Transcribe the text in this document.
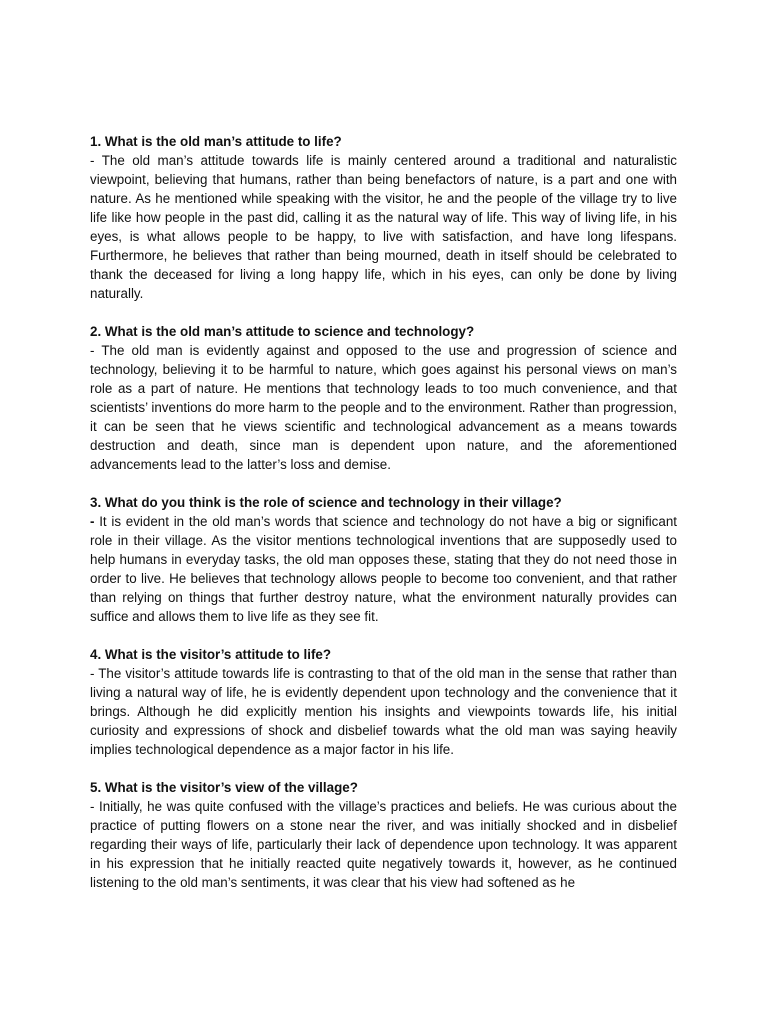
1. What is the old man’s attitude to life?

- The old man’s attitude towards life is mainly centered around a traditional and naturalistic viewpoint, believing that humans, rather than being benefactors of nature, is a part and one with nature. As he mentioned while speaking with the visitor, he and the people of the village try to live life like how people in the past did, calling it as the natural way of life. This way of living life, in his eyes, is what allows people to be happy, to live with satisfaction, and have long lifespans. Furthermore, he believes that rather than being mourned, death in itself should be celebrated to thank the deceased for living a long happy life, which in his eyes, can only be done by living naturally.

2. What is the old man’s attitude to science and technology?

- The old man is evidently against and opposed to the use and progression of science and technology, believing it to be harmful to nature, which goes against his personal views on man’s role as a part of nature. He mentions that technology leads to too much convenience, and that scientists’ inventions do more harm to the people and to the environment. Rather than progression, it can be seen that he views scientific and technological advancement as a means towards destruction and death, since man is dependent upon nature, and the aforementioned advancements lead to the latter’s loss and demise.

3. What do you think is the role of science and technology in their village?

- It is evident in the old man’s words that science and technology do not have a big or significant role in their village. As the visitor mentions technological inventions that are supposedly used to help humans in everyday tasks, the old man opposes these, stating that they do not need those in order to live. He believes that technology allows people to become too convenient, and that rather than relying on things that further destroy nature, what the environment naturally provides can suffice and allows them to live life as they see fit.

4. What is the visitor’s attitude to life?

- The visitor’s attitude towards life is contrasting to that of the old man in the sense that rather than living a natural way of life, he is evidently dependent upon technology and the convenience that it brings. Although he did explicitly mention his insights and viewpoints towards life, his initial curiosity and expressions of shock and disbelief towards what the old man was saying heavily implies technological dependence as a major factor in his life.

5. What is the visitor’s view of the village?

- Initially, he was quite confused with the village’s practices and beliefs. He was curious about the practice of putting flowers on a stone near the river, and was initially shocked and in disbelief regarding their ways of life, particularly their lack of dependence upon technology. It was apparent in his expression that he initially reacted quite negatively towards it, however, as he continued listening to the old man’s sentiments, it was clear that his view had softened as he
